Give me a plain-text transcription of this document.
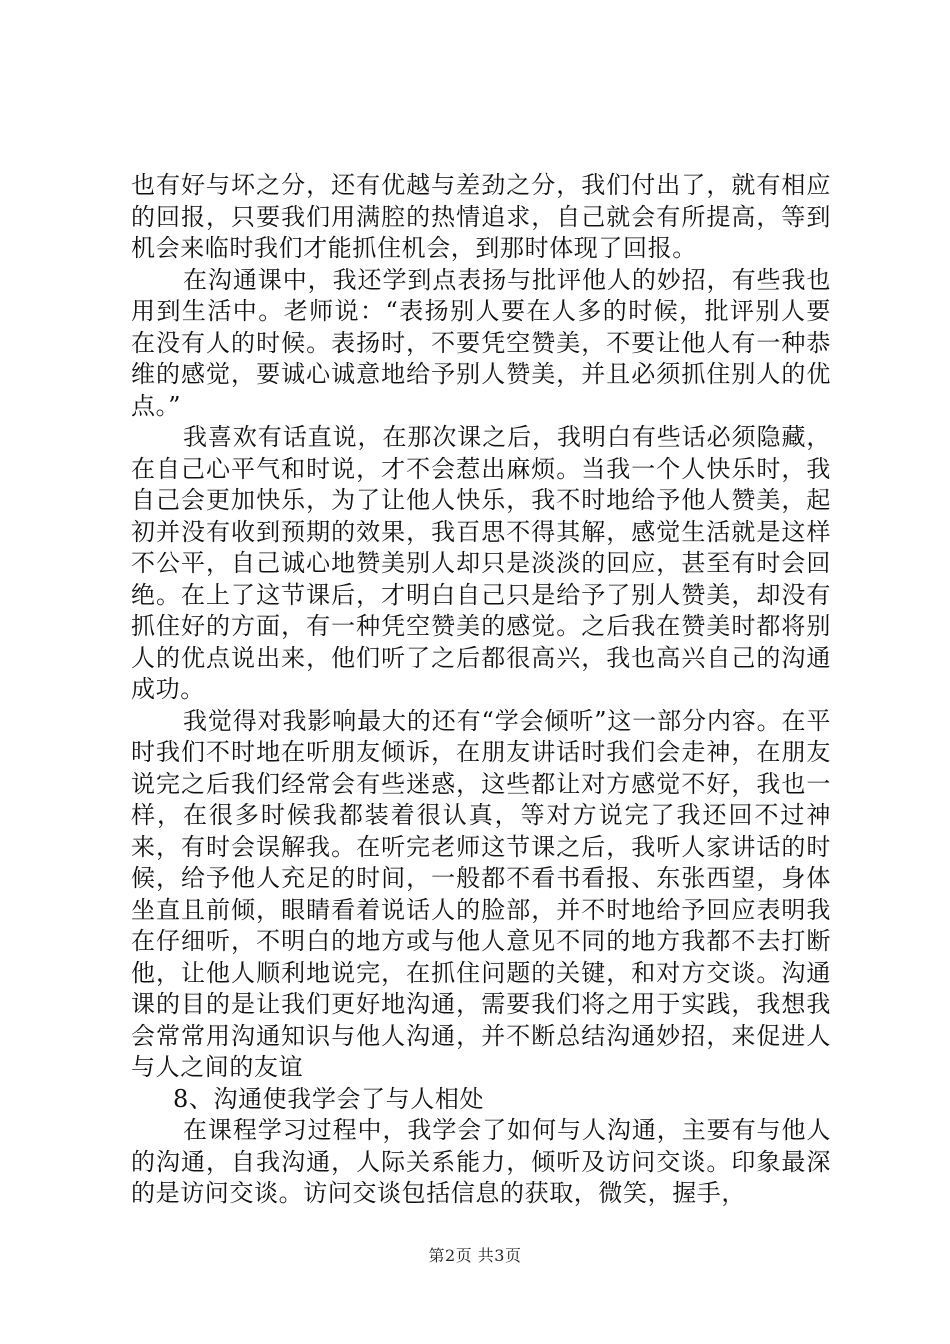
也有好与坏之分，还有优越与差劲之分，我们付出了，就有相应的回报，只要我们用满腔的热情追求，自己就会有所提高，等到机会来临时我们才能抓住机会，到那时体现了回报。

在沟通课中，我还学到点表扬与批评他人的妙招，有些我也用到生活中。老师说：“表扬别人要在人多的时候，批评别人要在没有人的时候。表扬时，不要凭空赞美，不要让他人有一种恭维的感觉，要诚心诚意地给予别人赞美，并且必须抓住别人的优点。”

我喜欢有话直说，在那次课之后，我明白有些话必须隐藏，在自己心平气和时说，才不会惹出麻烦。当我一个人快乐时，我自己会更加快乐，为了让他人快乐，我不时地给予他人赞美，起初并没有收到预期的效果，我百思不得其解，感觉生活就是这样不公平，自己诚心地赞美别人却只是淡淡的回应，甚至有时会回绝。在上了这节课后，才明白自己只是给予了别人赞美，却没有抓住好的方面，有一种凭空赞美的感觉。之后我在赞美时都将别人的优点说出来，他们听了之后都很高兴，我也高兴自己的沟通成功。

我觉得对我影响最大的还有“学会倾听”这一部分内容。在平时我们不时地在听朋友倾诉，在朋友讲话时我们会走神，在朋友说完之后我们经常会有些迷惑，这些都让对方感觉不好，我也一样，在很多时候我都装着很认真，等对方说完了我还回不过神来，有时会误解我。在听完老师这节课之后，我听人家讲话的时候，给予他人充足的时间，一般都不看书看报、东张西望，身体坐直且前倾，眼睛看着说话人的脸部，并不时地给予回应表明我在仔细听，不明白的地方或与他人意见不同的地方我都不去打断他，让他人顺利地说完，在抓住问题的关键，和对方交谈。沟通课的目的是让我们更好地沟通，需要我们将之用于实践，我想我会常常用沟通知识与他人沟通，并不断总结沟通妙招，来促进人与人之间的友谊

8、沟通使我学会了与人相处

在课程学习过程中，我学会了如何与人沟通，主要有与他人的沟通，自我沟通，人际关系能力，倾听及访问交谈。印象最深的是访问交谈。访问交谈包括信息的获取，微笑，握手，

第2页 共3页
